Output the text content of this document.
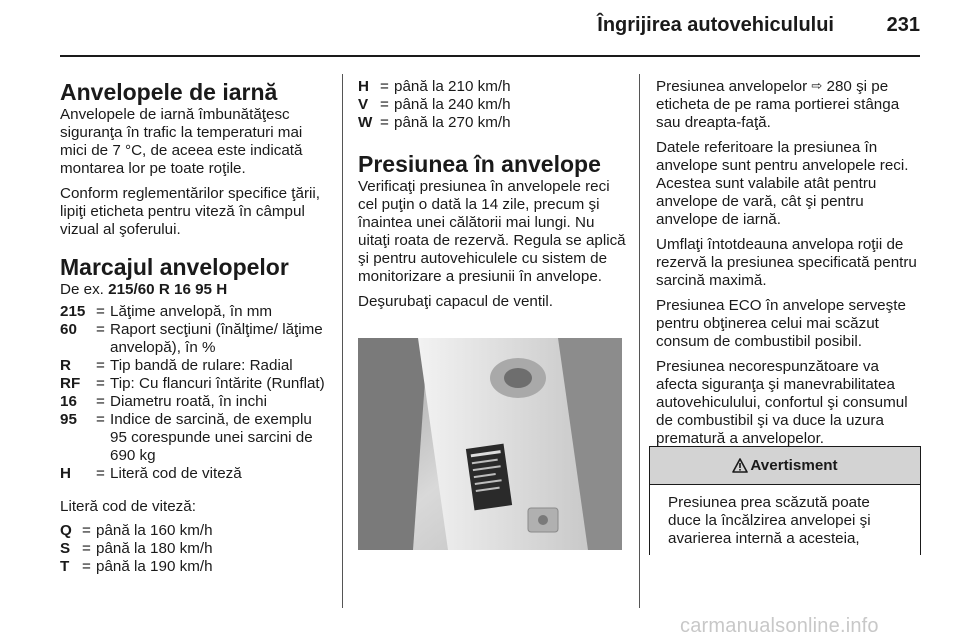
Îngrijirea autovehiculului	231
Anvelopele de iarnă

Anvelopele de iarnă îmbunătăţesc siguranţa în trafic la temperaturi mai mici de 7 °C, de aceea este indicată montarea lor pe toate roţile.

Conform reglementărilor specifice ţării, lipiţi eticheta pentru viteză în câmpul vizual al şoferului.

Marcajul anvelopelor

De ex. 215/60 R 16 95 H

215 = Lăţime anvelopă, în mm
60	= Raport secţiuni (înălţime/ lăţime anvelopă), în %
R	= Tip bandă de rulare: Radial
RF	= Tip: Cu flancuri întărite (Runflat)
16	= Diametru roată, în inchi
95	= Indice de sarcină, de exemplu 95 corespunde unei sarcini de 690 kg
H	= Literă cod de viteză

Literă cod de viteză:

Q = până la 160 km/h
S = până la 180 km/h
T = până la 190 km/h
H = până la 210 km/h
V = până la 240 km/h
W = până la 270 km/h
Presiunea în anvelope

Verificaţi presiunea în anvelopele reci cel puţin o dată la 14 zile, precum şi înaintea unei călătorii mai lungi. Nu uitaţi roata de rezervă. Regula se aplică şi pentru autovehiculele cu sistem de monitorizare a presiunii în anvelope.

Deşurubaţi capacul de ventil.

Presiunea anvelopelor ⇨ 280 şi pe eticheta de pe rama portierei stânga sau dreapta-faţă.

Datele referitoare la presiunea în anvelope sunt pentru anvelopele reci. Acestea sunt valabile atât pentru anvelope de vară, cât şi pentru anvelope de iarnă.

Umflaţi întotdeauna anvelopa roţii de rezervă la presiunea specificată pentru sarcină maximă.

Presiunea ECO în anvelope serveşte pentru obţinerea celui mai scăzut consum de combustibil posibil.

Presiunea necorespunzătoare va afecta siguranţa şi manevrabilitatea autovehiculului, confortul şi consumul de combustibil şi va duce la uzura prematură a anvelopelor.

Avertisment
Presiunea prea scăzută poate duce la încălzirea anvelopei şi avarierea internă a acesteia,
carmanualsonline.info
